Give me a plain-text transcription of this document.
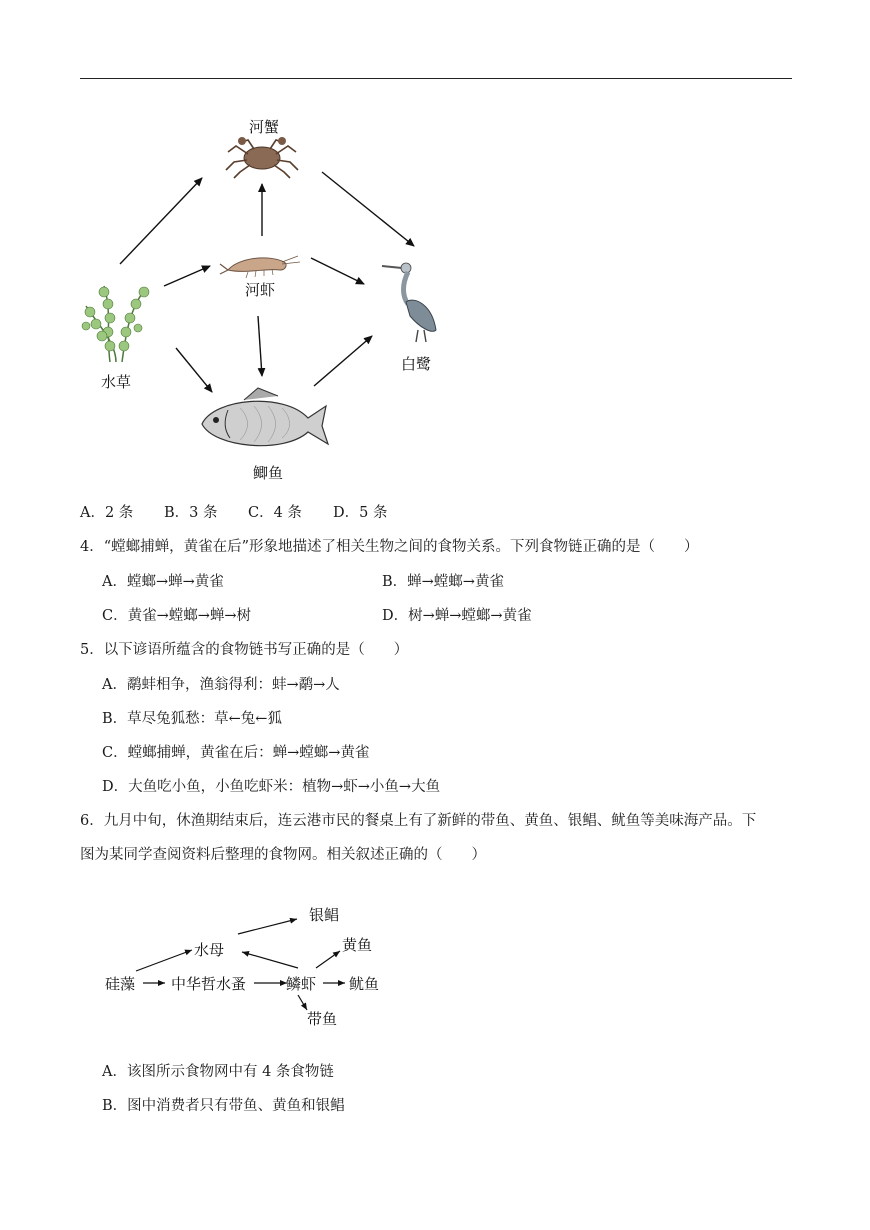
河蟹
河虾
水草
白鹭
鲫鱼
A．2 条 B．3 条 C．4 条 D．5 条
4．“螳螂捕蝉，黄雀在后”形象地描述了相关生物之间的食物关系。下列食物链正确的是（　　）
A．螳螂→蝉→黄雀	B．蝉→螳螂→黄雀
C．黄雀→螳螂→蝉→树	D．树→蝉→螳螂→黄雀
5．以下谚语所蕴含的食物链书写正确的是（　　）
A．鹬蚌相争，渔翁得利：蚌→鹬→人
B．草尽兔狐愁：草←兔←狐
C．螳螂捕蝉，黄雀在后：蝉→螳螂→黄雀
D．大鱼吃小鱼，小鱼吃虾米：植物→虾→小鱼→大鱼
6．九月中旬，休渔期结束后，连云港市民的餐桌上有了新鲜的带鱼、黄鱼、银鲳、鱿鱼等美味海产品。下
图为某同学查阅资料后整理的食物网。相关叙述正确的（　　）
硅藻 中华哲水蚤
水母
银鲳
鳞虾
黄鱼
鱿鱼
带鱼
A．该图所示食物网中有 4 条食物链
B．图中消费者只有带鱼、黄鱼和银鲳
